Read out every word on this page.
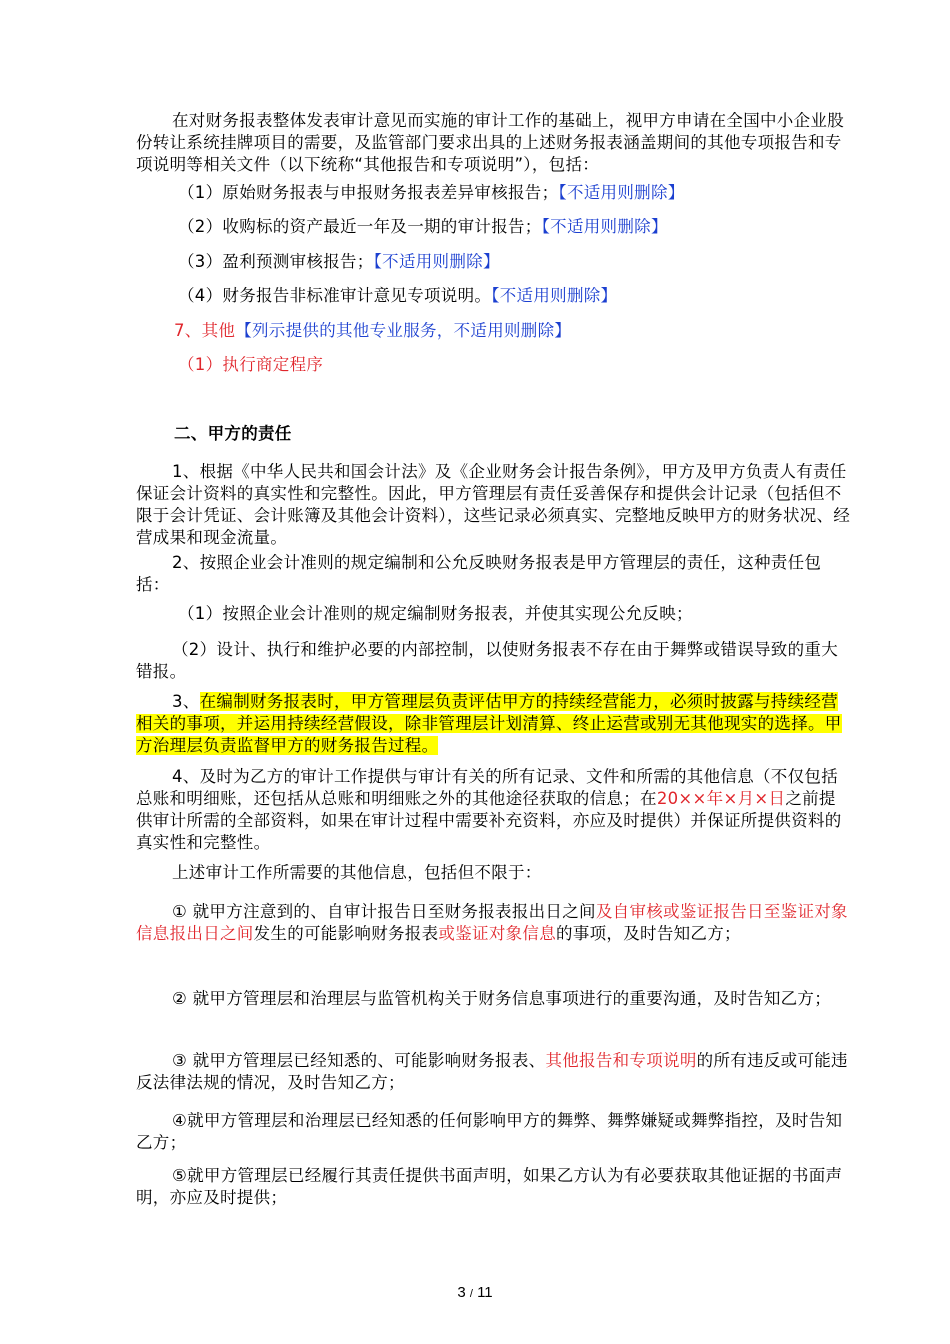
在对财务报表整体发表审计意见而实施的审计工作的基础上，视甲方申请在全国中小企业股份转让系统挂牌项目的需要，及监管部门要求出具的上述财务报表涵盖期间的其他专项报告和专项说明等相关文件（以下统称“其他报告和专项说明”），包括：

（1）原始财务报表与申报财务报表差异审核报告；【不适用则删除】

（2）收购标的资产最近一年及一期的审计报告；【不适用则删除】

（3）盈利预测审核报告；【不适用则删除】

（4）财务报告非标准审计意见专项说明。【不适用则删除】

7、其他【列示提供的其他专业服务，不适用则删除】

（1）执行商定程序

二、甲方的责任

1、根据《中华人民共和国会计法》及《企业财务会计报告条例》，甲方及甲方负责人有责任保证会计资料的真实性和完整性。因此，甲方管理层有责任妥善保存和提供会计记录（包括但不限于会计凭证、会计账簿及其他会计资料），这些记录必须真实、完整地反映甲方的财务状况、经营成果和现金流量。

2、按照企业会计准则的规定编制和公允反映财务报表是甲方管理层的责任，这种责任包括：

（1）按照企业会计准则的规定编制财务报表，并使其实现公允反映；

（2）设计、执行和维护必要的内部控制，以使财务报表不存在由于舞弊或错误导致的重大错报。

3、在编制财务报表时，甲方管理层负责评估甲方的持续经营能力，必须时披露与持续经营相关的事项，并运用持续经营假设，除非管理层计划清算、终止运营或别无其他现实的选择。甲方治理层负责监督甲方的财务报告过程。

4、及时为乙方的审计工作提供与审计有关的所有记录、文件和所需的其他信息（不仅包括总账和明细账，还包括从总账和明细账之外的其他途径获取的信息；在20××年×月×日之前提供审计所需的全部资料，如果在审计过程中需要补充资料，亦应及时提供）并保证所提供资料的真实性和完整性。

上述审计工作所需要的其他信息，包括但不限于：

① 就甲方注意到的、自审计报告日至财务报表报出日之间及自审核或鉴证报告日至鉴证对象信息报出日之间发生的可能影响财务报表或鉴证对象信息的事项，及时告知乙方；

② 就甲方管理层和治理层与监管机构关于财务信息事项进行的重要沟通，及时告知乙方；

③ 就甲方管理层已经知悉的、可能影响财务报表、其他报告和专项说明的所有违反或可能违反法律法规的情况，及时告知乙方；

④就甲方管理层和治理层已经知悉的任何影响甲方的舞弊、舞弊嫌疑或舞弊指控，及时告知乙方；

⑤就甲方管理层已经履行其责任提供书面声明，如果乙方认为有必要获取其他证据的书面声明，亦应及时提供；

3 / 11
